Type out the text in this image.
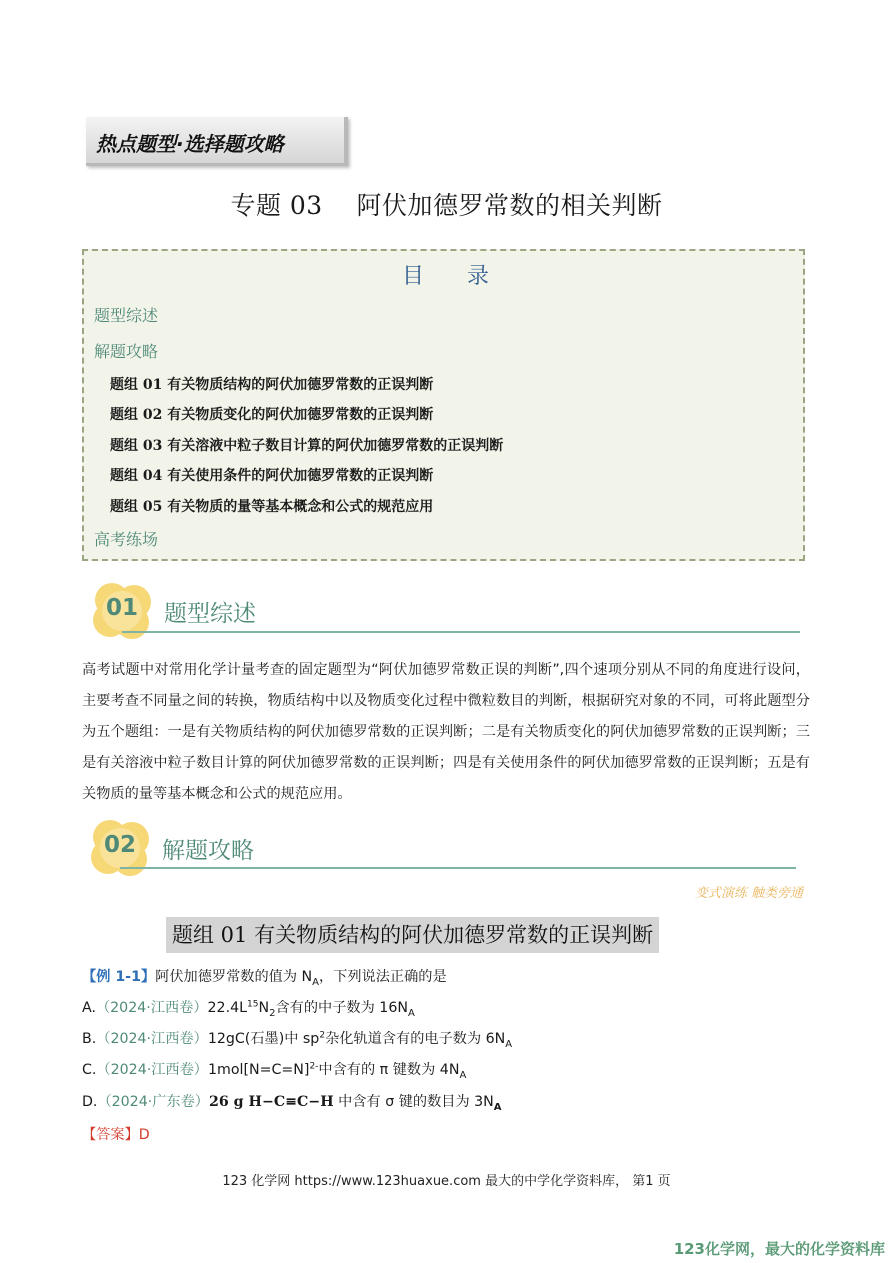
热点题型·选择题攻略
专题 03 阿伏加德罗常数的相关判断
目 录
题型综述
解题攻略
题组 01 有关物质结构的阿伏加德罗常数的正误判断
题组 02 有关物质变化的阿伏加德罗常数的正误判断
题组 03 有关溶液中粒子数目计算的阿伏加德罗常数的正误判断
题组 04 有关使用条件的阿伏加德罗常数的正误判断
题组 05 有关物质的量等基本概念和公式的规范应用
高考练场
01 题型综述
高考试题中对常用化学计量考查的固定题型为“阿伏加德罗常数正误的判断”,四个速项分别从不同的角度进行设问，主要考查不同量之间的转换，物质结构中以及物质变化过程中微粒数目的判断，根据研究对象的不同，可将此题型分为五个题组：一是有关物质结构的阿伏加德罗常数的正误判断；二是有关物质变化的阿伏加德罗常数的正误判断；三是有关溶液中粒子数目计算的阿伏加德罗常数的正误判断；四是有关使用条件的阿伏加德罗常数的正误判断；五是有关物质的量等基本概念和公式的规范应用。
02 解题攻略
变式演练 触类旁通
题组 01 有关物质结构的阿伏加德罗常数的正误判断
【例 1-1】阿伏加德罗常数的值为 $N_A$，下列说法正确的是
A.（2024·江西卷）$22.4L^{15}N_2$含有的中子数为 $16N_A$
B.（2024·江西卷）12gC(石墨)中 $sp^2$杂化轨道含有的电子数为 $6N_A$
C.（2024·江西卷）1mol[N=C=N]$^{2-}$中含有的 π 键数为 $4N_A$
D.（2024·广东卷）26 g H−C≡C−H 中含有 σ 键的数目为 $3N_A$
【答案】D
123 化学网 https://www.123huaxue.com 最大的中学化学资料库， 第1 页
123化学网，最大的化学资料库
